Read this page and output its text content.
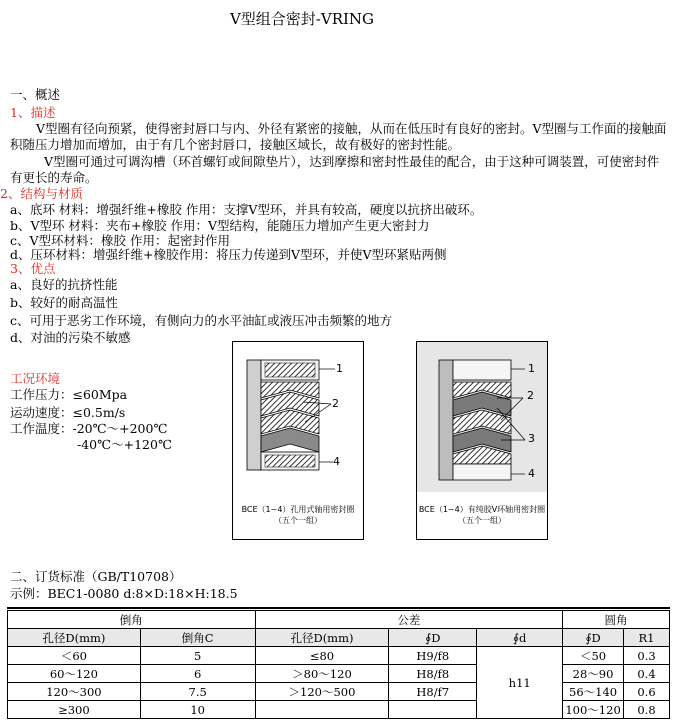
V型组合密封-VRING
一、概述
1、描述
V型圈有径向预紧，使得密封唇口与内、外径有紧密的接触，从而在低压时有良好的密封。V型圈与工作面的接触面积随压力增加而增加，由于有几个密封唇口，接触区域长，故有极好的密封性能。
V型圈可通过可调沟槽（环首螺钉或间隙垫片），达到摩擦和密封性最佳的配合，由于这种可调装置，可使密封件有更长的寿命。
2、结构与材质
a、底环 材料：增强纤维+橡胶 作用：支撑V型环，并具有较高，硬度以抗挤出破环。
b、V型环 材料：夹布+橡胶 作用：V型结构，能随压力增加产生更大密封力
c、V型环材料：橡胶 作用：起密封作用
d、压环材料：增强纤维+橡胶作用：将压力传递到V型环，并使V型环紧贴两侧
3、优点
a、良好的抗挤性能
b、较好的耐高温性
c、可用于恶劣工作环境，有侧向力的水平油缸或液压冲击频繁的地方
d、对油的污染不敏感
工况环境
工作压力：≤60Mpa
运动速度：≤0.5m/s
工作温度：-20℃～+200℃
-40℃～+120℃
1
2
4
BCE（1~4）孔用式轴用密封圈
（五个一组）
1
2
3
4
BCE（1~4）有纯胶V环轴用密封圈
（五个一组）
二、订货标准（GB/T10708）
示例：BEC1-0080 d:8×D:18×H:18.5
倒角		公差			圆角	
孔径D(mm)	倒角C	孔径D(mm)	∮D	∮d	∮D	R1
＜60	5	≤80	H9/f8	h11	＜50	0.3
60～120	6	＞80～120	H8/f8		28～90	0.4
120～300	7.5	＞120～500	H8/f7		56～140	0.6
≥300	10				100～120	0.8
